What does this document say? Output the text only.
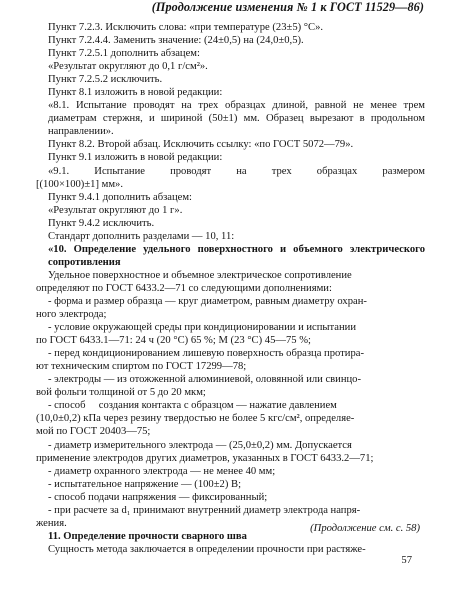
(Продолжение изменения № 1 к ГОСТ 11529—86)

Пункт 7.2.3. Исключить слова: «при температуре (23±5) °С».

Пункт 7.2.4.4. Заменить значение: (24±0,5) на (24,0±0,5).

Пункт 7.2.5.1 дополнить абзацем:

«Результат округляют до 0,1 г/см²».

Пункт 7.2.5.2 исключить.

Пункт 8.1 изложить в новой редакции:

«8.1. Испытание проводят на трех образцах длиной, равной не менее трем диаметрам стержня, и шириной (50±1) мм. Образец вырезают в продольном направлении».

Пункт 8.2. Второй абзац. Исключить ссылку: «по ГОСТ 5072—79».

Пункт 9.1 изложить в новой редакции:

«9.1. Испытание проводят на трех образцах размером

[(100×100)±1] мм».

Пункт 9.4.1 дополнить абзацем:

«Результат округляют до 1 г».

Пункт 9.4.2 исключить.

Стандарт дополнить разделами — 10, 11:

«10. Определение удельного поверхностного и объемного электрического сопротивления

Удельное поверхностное и объемное электрическое сопротивление

определяют по ГОСТ 6433.2—71 со следующими дополнениями:

- форма и размер образца — круг диаметром, равным диаметру охран-

ного электрода;

- условие окружающей среды при кондиционировании и испытании

по ГОСТ 6433.1—71: 24 ч (20 °С) 65 %; М (23 °С) 45—75 %;

- перед кондиционированием лишевую поверхность образца протира-

ют техническим спиртом по ГОСТ 17299—78;

- электроды — из отожженной алюминиевой, оловянной или свинцо-

вой фольги толщиной от 5 до 20 мкм;

- способ     создания контакта с образцом — нажатие давлением

(10,0±0,2) кПа через резину твердостью не более 5 кгс/см², определяе-

мой по ГОСТ 20403—75;

- диаметр измерительного электрода — (25,0±0,2) мм. Допускается

применение электродов других диаметров, указанных в ГОСТ 6433.2—71;

- диаметр охранного электрода — не менее 40 мм;

- испытательное напряжение — (100±2) В;

- способ подачи напряжения — фиксированный;

- при расчете за d₁ принимают внутренний диаметр электрода напря-

жения.

11. Определение прочности сварного шва

Сущность метода заключается в определении прочности при растяже-

(Продолжение см. с. 58)
57
